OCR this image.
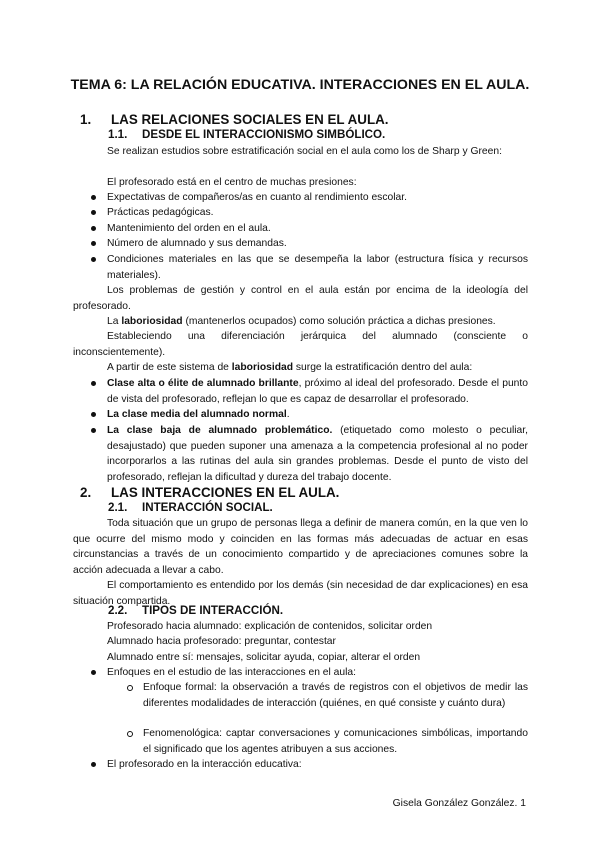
TEMA 6: LA RELACIÓN EDUCATIVA. INTERACCIONES EN EL AULA.
1. LAS RELACIONES SOCIALES EN EL AULA.
1.1. DESDE EL INTERACCIONISMO SIMBÓLICO.
Se realizan estudios sobre estratificación social en el aula como los de Sharp y Green:
El profesorado está en el centro de muchas presiones:
Expectativas de compañeros/as en cuanto al rendimiento escolar.
Prácticas pedagógicas.
Mantenimiento del orden en el aula.
Número de alumnado y sus demandas.
Condiciones materiales en las que se desempeña la labor (estructura física y recursos materiales).
Los problemas de gestión y control en el aula están por encima de la ideología del profesorado.
La laboriosidad (mantenerlos ocupados) como solución práctica a dichas presiones.
Estableciendo una diferenciación jerárquica del alumnado (consciente o inconscientemente).
A partir de este sistema de laboriosidad surge la estratificación dentro del aula:
Clase alta o élite de alumnado brillante, próximo al ideal del profesorado. Desde el punto de vista del profesorado, reflejan lo que es capaz de desarrollar el profesorado.
La clase media del alumnado normal.
La clase baja de alumnado problemático. (etiquetado como molesto o peculiar, desajustado) que pueden suponer una amenaza a la competencia profesional al no poder incorporarlos a las rutinas del aula sin grandes problemas. Desde el punto de visto del profesorado, reflejan la dificultad y dureza del trabajo docente.
2. LAS INTERACCIONES EN EL AULA.
2.1. INTERACCIÓN SOCIAL.
Toda situación que un grupo de personas llega a definir de manera común, en la que ven lo que ocurre del mismo modo y coinciden en las formas más adecuadas de actuar en esas circunstancias a través de un conocimiento compartido y de apreciaciones comunes sobre la acción adecuada a llevar a cabo.
El comportamiento es entendido por los demás (sin necesidad de dar explicaciones) en esa situación compartida.
2.2. TIPOS DE INTERACCIÓN.
Profesorado hacia alumnado: explicación de contenidos, solicitar orden
Alumnado hacia profesorado: preguntar, contestar
Alumnado entre sí: mensajes, solicitar ayuda, copiar, alterar el orden
Enfoques en el estudio de las interacciones en el aula:
Enfoque formal: la observación a través de registros con el objetivos de medir las diferentes modalidades de interacción (quiénes, en qué consiste y cuánto dura)
Fenomenológica: captar conversaciones y comunicaciones simbólicas, importando el significado que los agentes atribuyen a sus acciones.
El profesorado en la interacción educativa:
Gisela González González. 1
